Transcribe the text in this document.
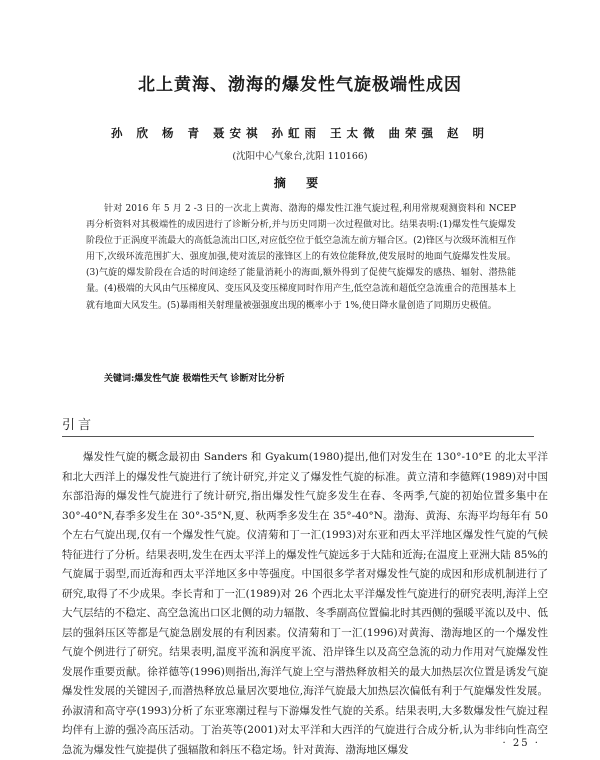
北上黄海、渤海的爆发性气旋极端性成因
孙 欣 杨 青 聂安祺 孙虹雨 王太微 曲荣强 赵 明
(沈阳中心气象台,沈阳 110166)
摘 要
针对 2016 年 5 月 2 -3 日的一次北上黄海、渤海的爆发性江淮气旋过程,利用常规观测资料和 NCEP 再分析资料对其极端性的成因进行了诊断分析,并与历史同期一次过程做对比。结果表明:(1)爆发性气旋爆发阶段位于正涡度平流最大的高低急流出口区,对应低空位于低空急流左前方辐合区。(2)锋区与次级环流相互作用下,次级环流范围扩大、强度加强,使对流层的涨锋区上的有效位能释放,使发展时的地面气旋爆发性发展。(3)气旋的爆发阶段在合适的时间途经了能量消耗小的海面,额外得到了促使气旋爆发的感热、辐射、潜热能量。(4)极端的大风由气压梯度风、变压风及变压梯度同时作用产生,低空急流和超低空急流重合的范围基本上就有地面大风发生。(5)暴雨相关射理量被强强度出现的概率小于 1%,使日降水量创造了同期历史极值。
关键词:爆发性气旋 极端性天气 诊断对比分析
引言
爆发性气旋的概念最初由 Sanders 和 Gyakum(1980)提出,他们对发生在 130°-10°E 的北太平洋和北大西洋上的爆发性气旋进行了统计研究,并定义了爆发性气旋的标准。黄立清和李德辉(1989)对中国东部沿海的爆发性气旋进行了统计研究,指出爆发性气旋多发生在春、冬两季,气旋的初始位置多集中在 30°-40°N,春季多发生在 30°-35°N,夏、秋两季多发生在 35°-40°N。渤海、黄海、东海平均每年有 50 个左右气旋出现,仅有一个爆发性气旋。仪清菊和丁一汇(1993)对东亚和西太平洋地区爆发性气旋的气候特征进行了分析。结果表明,发生在西太平洋上的爆发性气旋远多于大陆和近海;在温度上亚洲大陆 85%的气旋属于弱型,而近海和西太平洋地区多中等强度。中国很多学者对爆发性气旋的成因和形成机制进行了研究,取得了不少成果。李长青和丁一汇(1989)对 26 个西北太平洋爆发性气旋进行的研究表明,海洋上空大气层结的不稳定、高空急流出口区北侧的动力辐散、冬季副高位置偏北时其西侧的强暖平流以及中、低层的强斜压区等都是气旋急剧发展的有利因素。仪清菊和丁一汇(1996)对黄海、渤海地区的一个爆发性气旋个例进行了研究。结果表明,温度平流和涡度平流、沿岸锋生以及高空急流的动力作用对气旋爆发性发展作重要贡献。徐祥德等(1996)则指出,海洋气旋上空与潜热释放相关的最大加热层次位置是诱发气旋爆发性发展的关键因子,而潜热释放总量居次要地位,海洋气旋最大加热层次偏低有利于气旋爆发性发展。孙淑清和高守亭(1993)分析了东亚寒潮过程与下游爆发性气旋的关系。结果表明,大多数爆发性气旋过程均伴有上游的强冷高压活动。丁治英等(2001)对太平洋和大西洋的气旋进行合成分析,认为非纬向性高空急流为爆发性气旋提供了强辐散和斜压不稳定场。针对黄海、渤海地区爆发	· 25 ·
